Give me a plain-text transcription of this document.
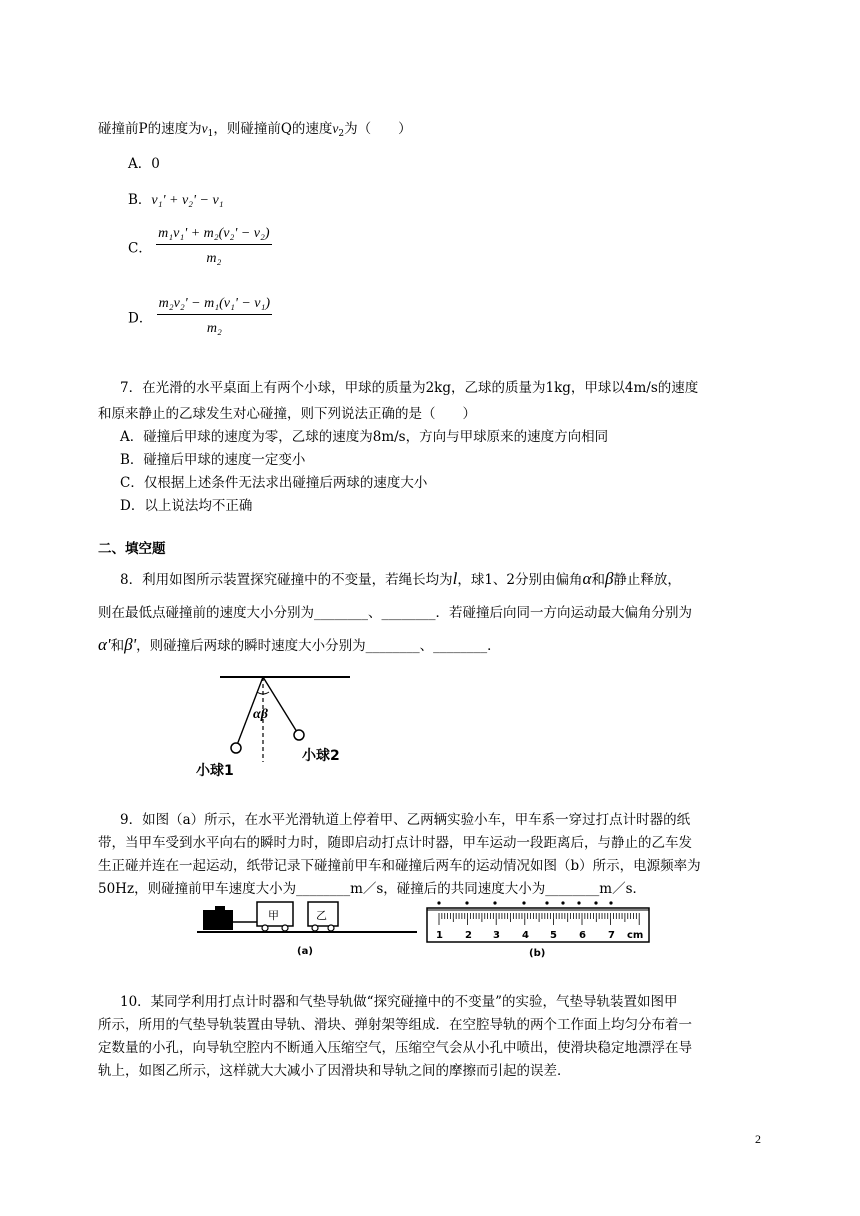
碰撞前P的速度为$v_1$，则碰撞前Q的速度$v_2$为（　　）
A．0
B．v₁' + v₂' − v₁
C． $\frac{\text{m₁v₁' + m₂(v₂' − v₂)}}{\text{m₂}}$
D． $\frac{\text{m₂v₂' − m₁(v₁' − v₁)}}{\text{m₂}}$
7．在光滑的水平桌面上有两个小球，甲球的质量为2kg，乙球的质量为1kg，甲球以4m/s的速度
和原来静止的乙球发生对心碰撞，则下列说法正确的是（　　）
A．碰撞后甲球的速度为零，乙球的速度为8m/s，方向与甲球原来的速度方向相同
B．碰撞后甲球的速度一定变小
C．仅根据上述条件无法求出碰撞后两球的速度大小
D．以上说法均不正确
二、填空题
8．利用如图所示装置探究碰撞中的不变量，若绳长均为l，球1、2分别由偏角α和β静止释放，
则在最低点碰撞前的速度大小分别为________、________．若碰撞后向同一方向运动最大偏角分别为
α'和β'，则碰撞后两球的瞬时速度大小分别为________、________．
αβ
小球1
小球2
9．如图（a）所示，在水平光滑轨道上停着甲、乙两辆实验小车，甲车系一穿过打点计时器的纸
带，当甲车受到水平向右的瞬时力时，随即启动打点计时器，甲车运动一段距离后，与静止的乙车发
生正碰并连在一起运动，纸带记录下碰撞前甲车和碰撞后两车的运动情况如图（b）所示，电源频率为
50Hz，则碰撞前甲车速度大小为________m／s，碰撞后的共同速度大小为________m／s．
甲	乙
(a)
1 2 3 4 5 6 7 cm
(b)
10．某同学利用打点计时器和气垫导轨做“探究碰撞中的不变量”的实验，气垫导轨装置如图甲
所示，所用的气垫导轨装置由导轨、滑块、弹射架等组成．在空腔导轨的两个工作面上均匀分布着一
定数量的小孔，向导轨空腔内不断通入压缩空气，压缩空气会从小孔中喷出，使滑块稳定地漂浮在导
轨上，如图乙所示，这样就大大减小了因滑块和导轨之间的摩擦而引起的误差．
2
